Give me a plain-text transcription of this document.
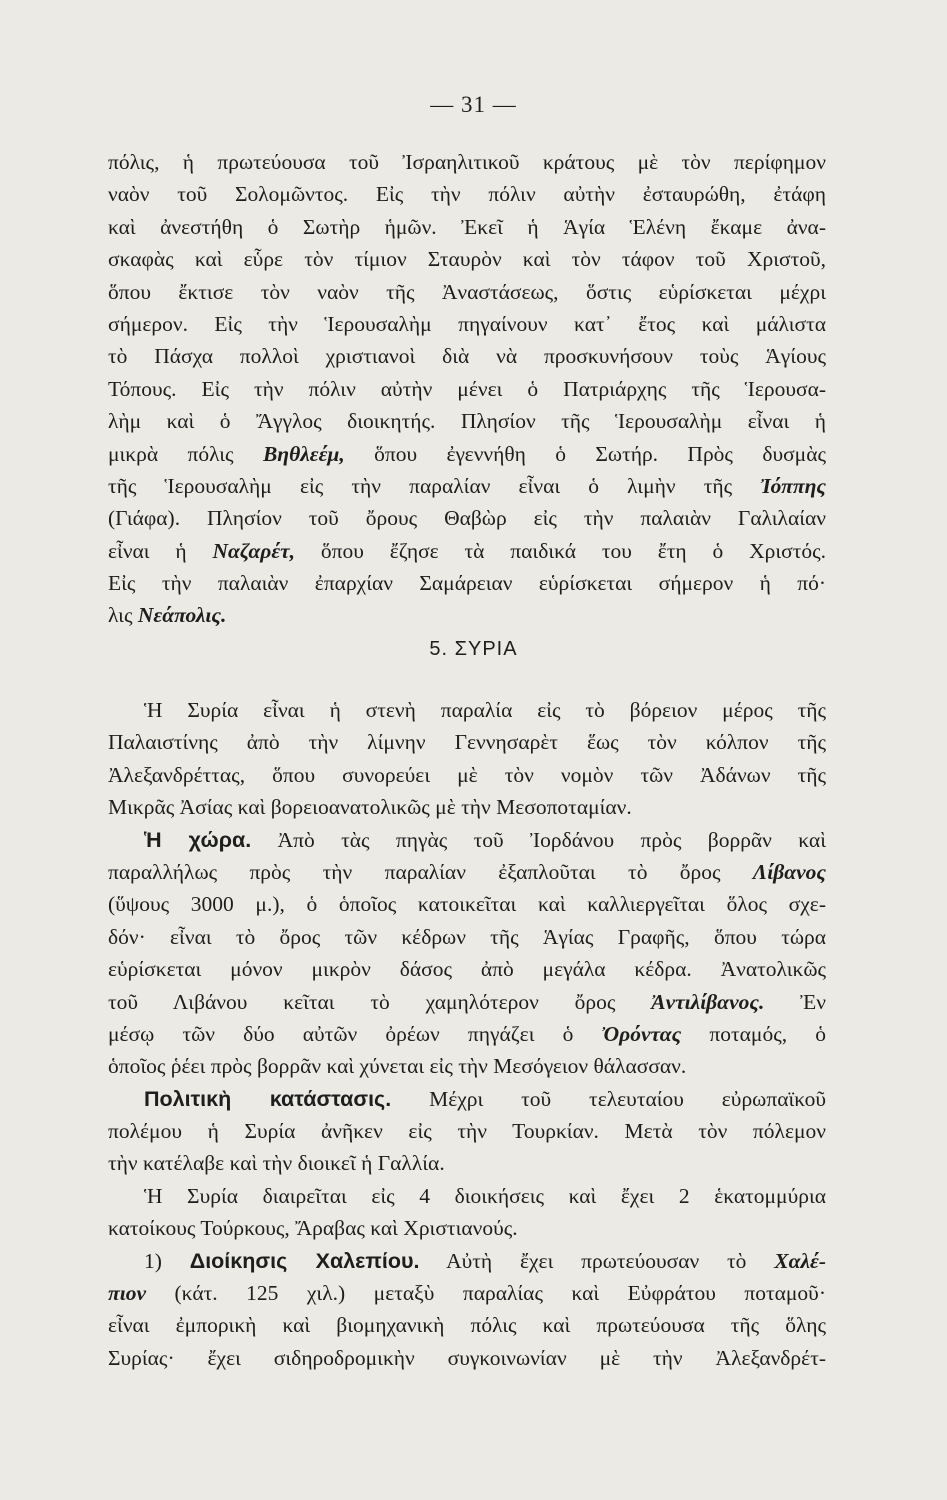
— 31 —
πόλις, ἡ πρωτεύουσα τοῦ Ἰσραηλιτικοῦ κράτους μὲ τὸν περίφημον
ναὸν τοῦ Σολομῶντος. Εἰς τὴν πόλιν αὐτὴν ἐσταυρώθη, ἐτάφη
καὶ ἀνεστήθη ὁ Σωτὴρ ἡμῶν. Ἐκεῖ ἡ Ἁγία Ἑλένη ἔκαμε ἀνα-
σκαφὰς καὶ εὗρε τὸν τίμιον Σταυρὸν καὶ τὸν τάφον τοῦ Χριστοῦ,
ὅπου ἔκτισε τὸν ναὸν τῆς Ἀναστάσεως, ὅστις εὑρίσκεται μέχρι
σήμερον. Εἰς τὴν Ἱερουσαλὴμ πηγαίνουν κατ᾽ ἔτος καὶ μάλιστα
τὸ Πάσχα πολλοὶ χριστιανοὶ διὰ νὰ προσκυνήσουν τοὺς Ἁγίους
Τόπους. Εἰς τὴν πόλιν αὐτὴν μένει ὁ Πατριάρχης τῆς Ἱερουσα-
λὴμ καὶ ὁ Ἄγγλος διοικητής. Πλησίον τῆς Ἱερουσαλὴμ εἶναι ἡ
μικρὰ πόλις Βηθλεέμ, ὅπου ἐγεννήθη ὁ Σωτήρ. Πρὸς δυσμὰς
τῆς Ἱερουσαλὴμ εἰς τὴν παραλίαν εἶναι ὁ λιμὴν τῆς Ἰόππης
(Γιάφα). Πλησίον τοῦ ὄρους Θαβὼρ εἰς τὴν παλαιὰν Γαλιλαίαν
εἶναι ἡ Ναζαρέτ, ὅπου ἔζησε τὰ παιδικά του ἔτη ὁ Χριστός.
Εἰς τὴν παλαιὰν ἐπαρχίαν Σαμάρειαν εὑρίσκεται σήμερον ἡ πό·
λις Νεάπολις.
5. ΣΥΡΙΑ
Ἡ Συρία εἶναι ἡ στενὴ παραλία εἰς τὸ βόρειον μέρος τῆς
Παλαιστίνης ἀπὸ τὴν λίμνην Γεννησαρὲτ ἕως τὸν κόλπον τῆς
Ἀλεξανδρέττας, ὅπου συνορεύει μὲ τὸν νομὸν τῶν Ἀδάνων τῆς
Μικρᾶς Ἀσίας καὶ βορειοανατολικῶς μὲ τὴν Μεσοποταμίαν.
Ἡ χώρα. Ἀπὸ τὰς πηγὰς τοῦ Ἰορδάνου πρὸς βορρᾶν καὶ
παραλλήλως πρὸς τὴν παραλίαν ἐξαπλοῦται τὸ ὄρος Λίβανος
(ὕψους 3000 μ.), ὁ ὁποῖος κατοικεῖται καὶ καλλιεργεῖται ὅλος σχε-
δόν· εἶναι τὸ ὄρος τῶν κέδρων τῆς Ἁγίας Γραφῆς, ὅπου τώρα
εὑρίσκεται μόνον μικρὸν δάσος ἀπὸ μεγάλα κέδρα. Ἀνατολικῶς
τοῦ Λιβάνου κεῖται τὸ χαμηλότερον ὄρος Ἀντιλίβανος. Ἐν
μέσῳ τῶν δύο αὐτῶν ὀρέων πηγάζει ὁ Ὀρόντας ποταμός, ὁ
ὁποῖος ῥέει πρὸς βορρᾶν καὶ χύνεται εἰς τὴν Μεσόγειον θάλασσαν.
Πολιτικὴ κατάστασις. Μέχρι τοῦ τελευταίου εὐρωπαϊκοῦ
πολέμου ἡ Συρία ἀνῆκεν εἰς τὴν Τουρκίαν. Μετὰ τὸν πόλεμον
τὴν κατέλαβε καὶ τὴν διοικεῖ ἡ Γαλλία.
Ἡ Συρία διαιρεῖται εἰς 4 διοικήσεις καὶ ἔχει 2 ἑκατομμύρια
κατοίκους Τούρκους, Ἄραβας καὶ Χριστιανούς.
1) Διοίκησις Χαλεπίου. Αὐτὴ ἔχει πρωτεύουσαν τὸ Χαλέ-
πιον (κάτ. 125 χιλ.) μεταξὺ παραλίας καὶ Εὐφράτου ποταμοῦ·
εἶναι ἐμπορικὴ καὶ βιομηχανικὴ πόλις καὶ πρωτεύουσα τῆς ὅλης
Συρίας· ἔχει σιδηροδρομικὴν συγκοινωνίαν μὲ τὴν Ἀλεξανδρέτ-
